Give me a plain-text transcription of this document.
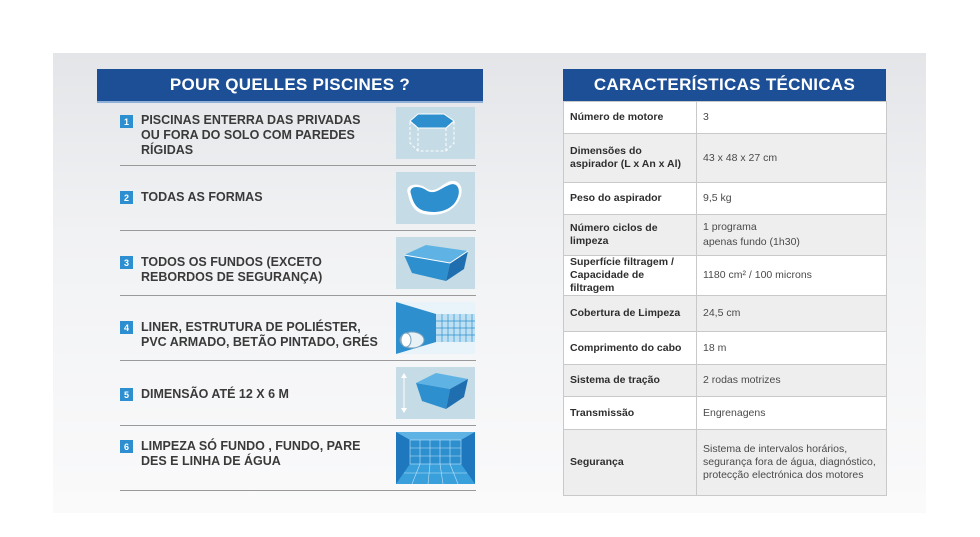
POUR QUELLES PISCINES ?
1 PISCINAS ENTERRA DAS PRIVADAS OU FORA DO SOLO COM PAREDES RÍGIDAS
2 TODAS AS FORMAS
3 TODOS OS FUNDOS (EXCETO REBORDOS DE SEGURANÇA)
4 LINER, ESTRUTURA DE POLIÉSTER, PVC ARMADO, BETÃO PINTADO, GRÉS
5 DIMENSÃO ATÉ 12 X 6 M
6 LIMPEZA SÓ FUNDO , FUNDO, PARE DES E LINHA DE ÁGUA
CARACTERÍSTICAS TÉCNICAS
Número de motore	3
Dimensões do aspirador (L x An x Al)	43 x 48 x 27 cm
Peso do aspirador	9,5 kg
Número ciclos de limpeza	1 programa
apenas fundo (1h30)
Superfície filtragem / Capacidade de filtragem	1180 cm² / 100 microns
Cobertura de Limpeza	24,5 cm
Comprimento do cabo	18 m
Sistema de tração	2 rodas motrizes
Transmissão	Engrenagens
Segurança	Sistema de intervalos horários, segurança fora de água, diagnóstico, protecção electrónica dos motores
